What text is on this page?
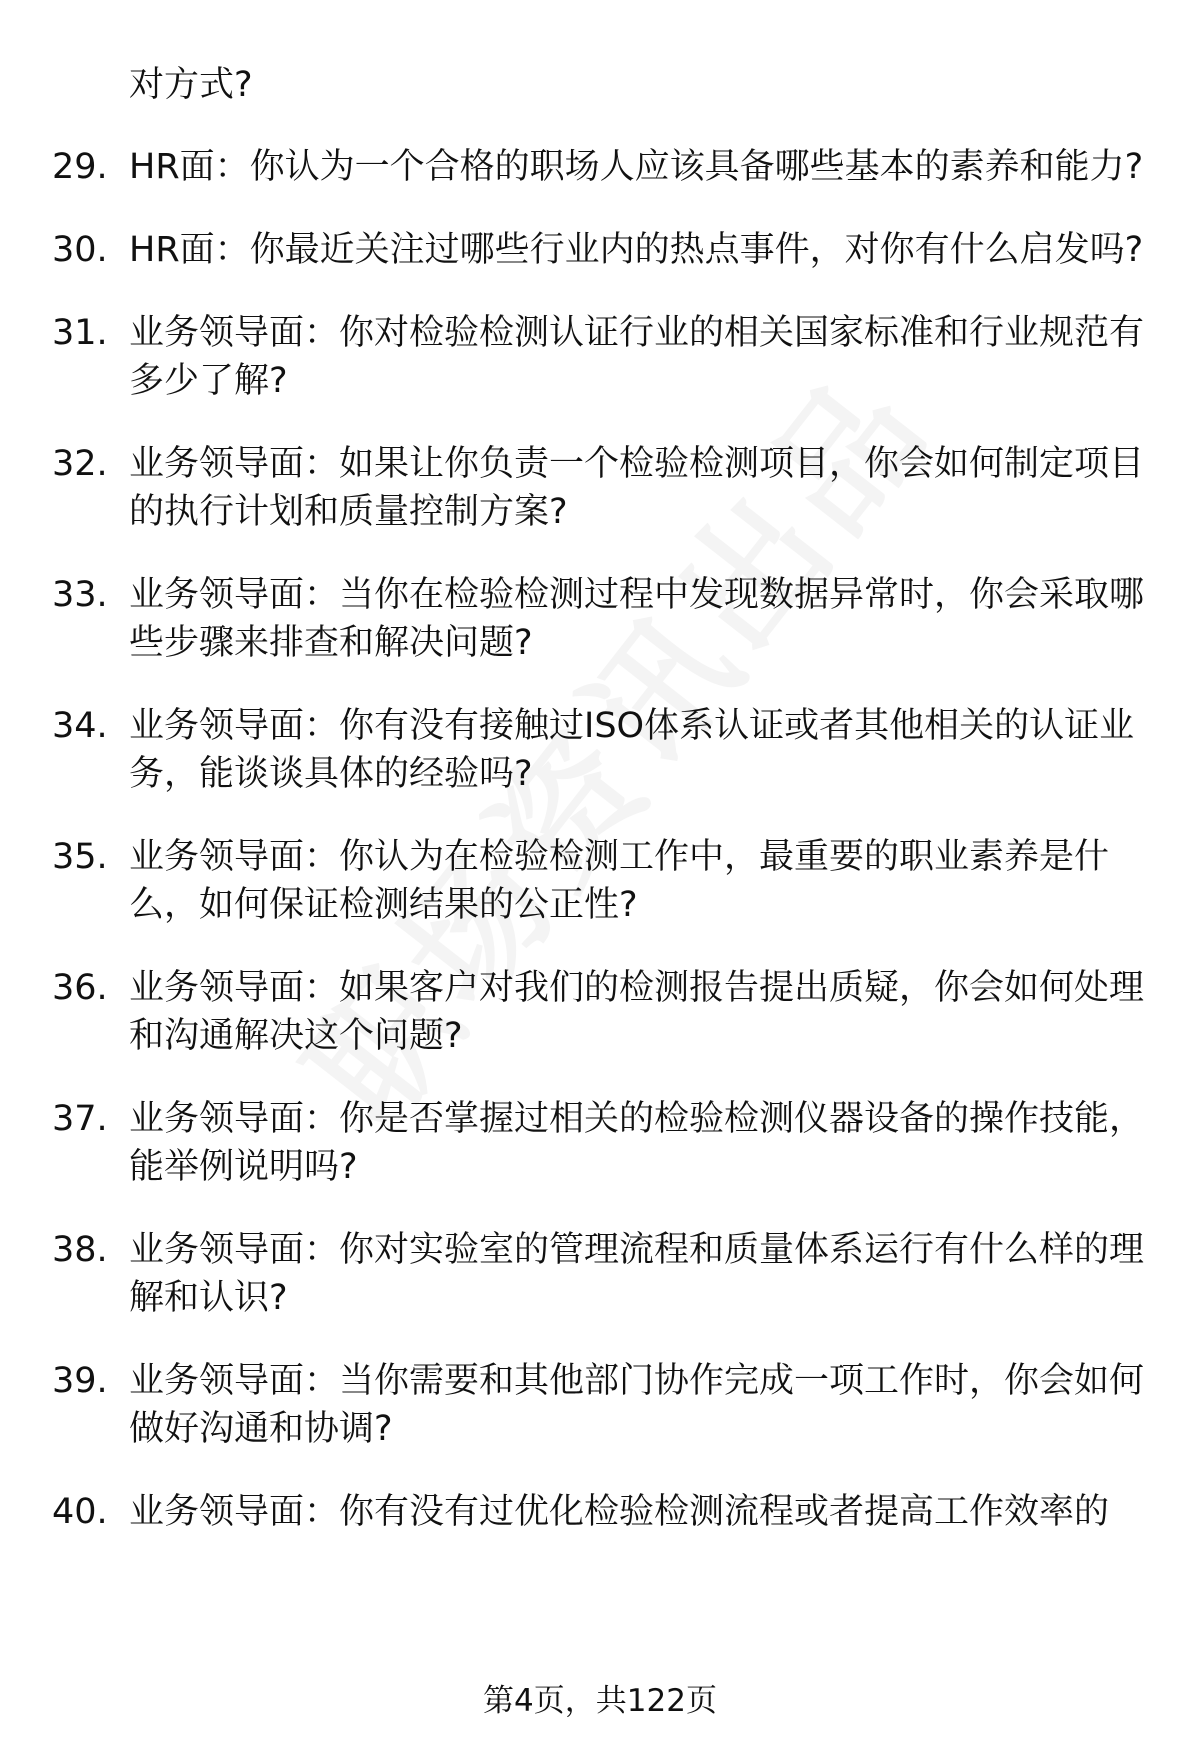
对方式?
29. HR面：你认为一个合格的职场人应该具备哪些基本的素养和能力?
30. HR面：你最近关注过哪些行业内的热点事件，对你有什么启发吗?
31. 业务领导面：你对检验检测认证行业的相关国家标准和行业规范有多少了解?
32. 业务领导面：如果让你负责一个检验检测项目，你会如何制定项目的执行计划和质量控制方案?
33. 业务领导面：当你在检验检测过程中发现数据异常时，你会采取哪些步骤来排查和解决问题?
34. 业务领导面：你有没有接触过ISO体系认证或者其他相关的认证业务，能谈谈具体的经验吗?
35. 业务领导面：你认为在检验检测工作中，最重要的职业素养是什么，如何保证检测结果的公正性?
36. 业务领导面：如果客户对我们的检测报告提出质疑，你会如何处理和沟通解决这个问题?
37. 业务领导面：你是否掌握过相关的检验检测仪器设备的操作技能，能举例说明吗?
38. 业务领导面：你对实验室的管理流程和质量体系运行有什么样的理解和认识?
39. 业务领导面：当你需要和其他部门协作完成一项工作时，你会如何做好沟通和协调?
40. 业务领导面：你有没有过优化检验检测流程或者提高工作效率的
第4页，共122页
